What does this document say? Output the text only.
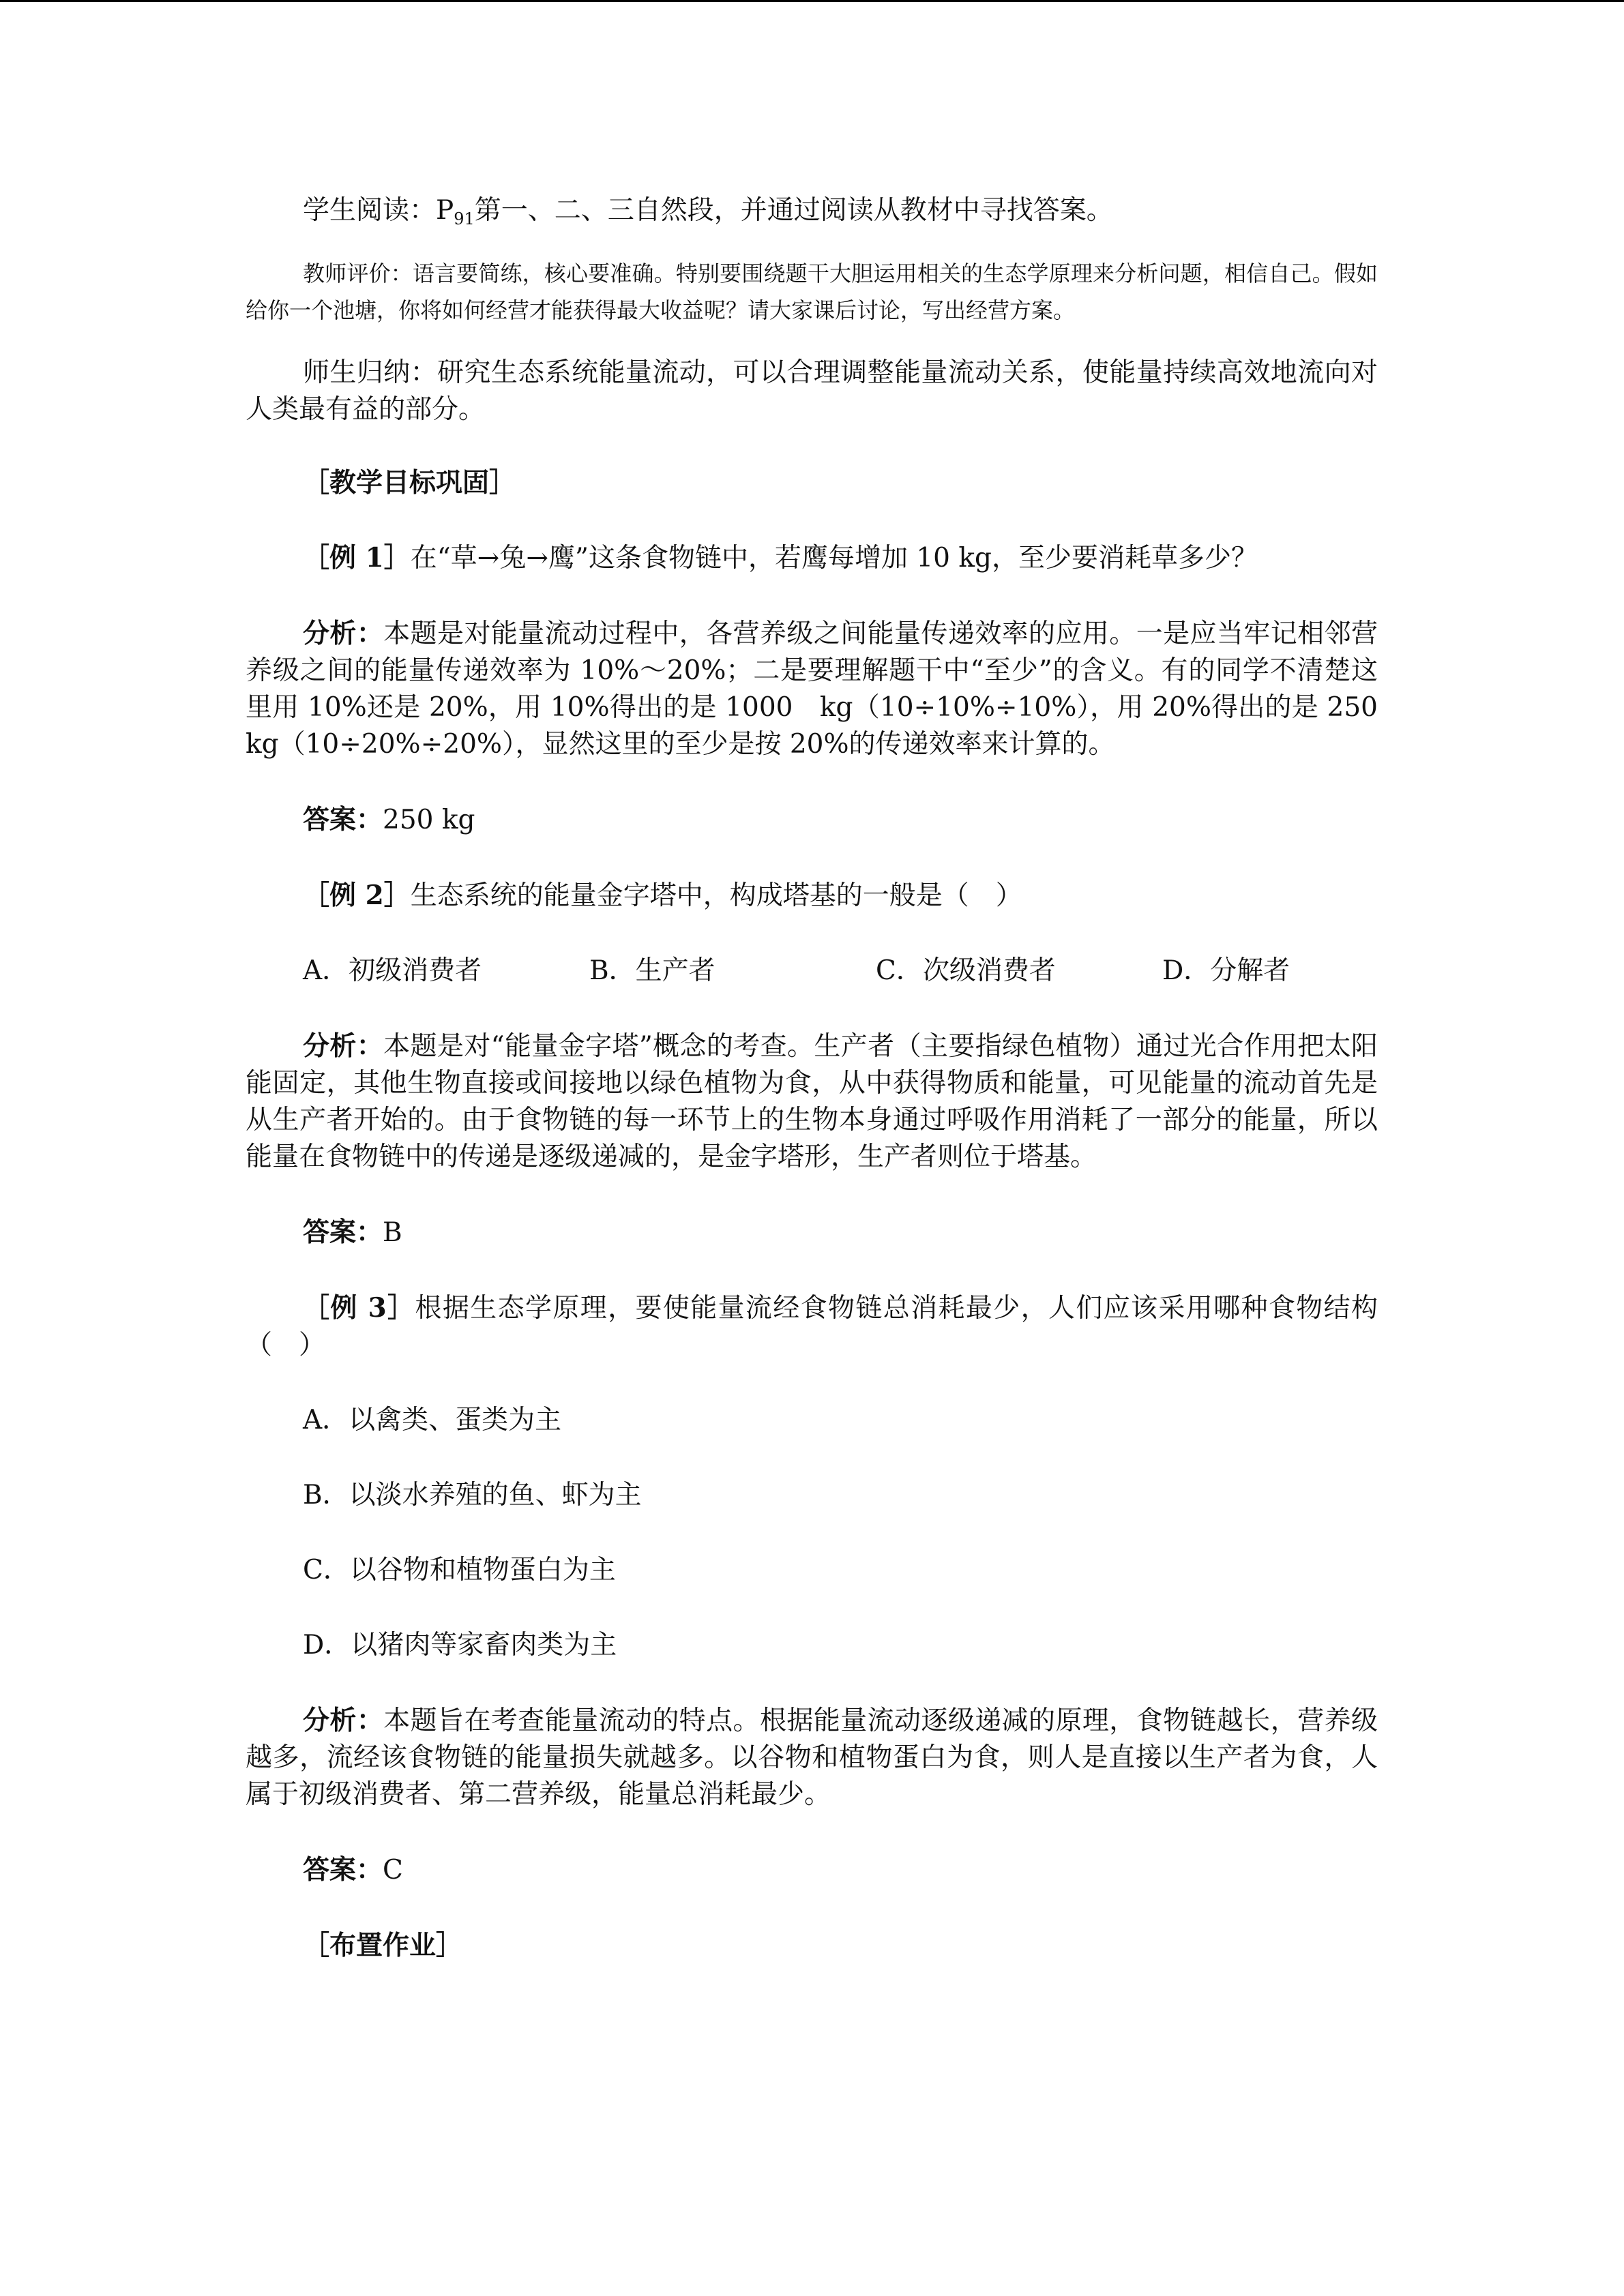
学生阅读：$P_{91}$第一、二、三自然段，并通过阅读从教材中寻找答案。

教师评价：语言要简练，核心要准确。特别要围绕题干大胆运用相关的生态学原理来分析问题，相信自己。假如给你一个池塘，你将如何经营才能获得最大收益呢？请大家课后讨论，写出经营方案。

师生归纳：研究生态系统能量流动，可以合理调整能量流动关系，使能量持续高效地流向对人类最有益的部分。

［教学目标巩固］

［例 1］在“草→兔→鹰”这条食物链中，若鹰每增加 10 kg，至少要消耗草多少？

分析：本题是对能量流动过程中，各营养级之间能量传递效率的应用。一是应当牢记相邻营养级之间的能量传递效率为 10%～20%；二是要理解题干中“至少”的含义。有的同学不清楚这里用 10%还是 20%，用 10%得出的是 1000　kg（10÷10%÷10%），用 20%得出的是 250 kg（10÷20%÷20%），显然这里的至少是按 20%的传递效率来计算的。

答案：250 kg

［例 2］生态系统的能量金字塔中，构成塔基的一般是（　）

A．初级消费者	B．生产者	C．次级消费者	D．分解者

分析：本题是对“能量金字塔”概念的考查。生产者（主要指绿色植物）通过光合作用把太阳能固定，其他生物直接或间接地以绿色植物为食，从中获得物质和能量，可见能量的流动首先是从生产者开始的。由于食物链的每一环节上的生物本身通过呼吸作用消耗了一部分的能量，所以能量在食物链中的传递是逐级递减的，是金字塔形，生产者则位于塔基。

答案：B

［例 3］根据生态学原理，要使能量流经食物链总消耗最少，人们应该采用哪种食物结构（　）

A．以禽类、蛋类为主

B．以淡水养殖的鱼、虾为主

C．以谷物和植物蛋白为主

D．以猪肉等家畜肉类为主

分析：本题旨在考查能量流动的特点。根据能量流动逐级递减的原理，食物链越长，营养级越多，流经该食物链的能量损失就越多。以谷物和植物蛋白为食，则人是直接以生产者为食，人属于初级消费者、第二营养级，能量总消耗最少。

答案：C

［布置作业］
